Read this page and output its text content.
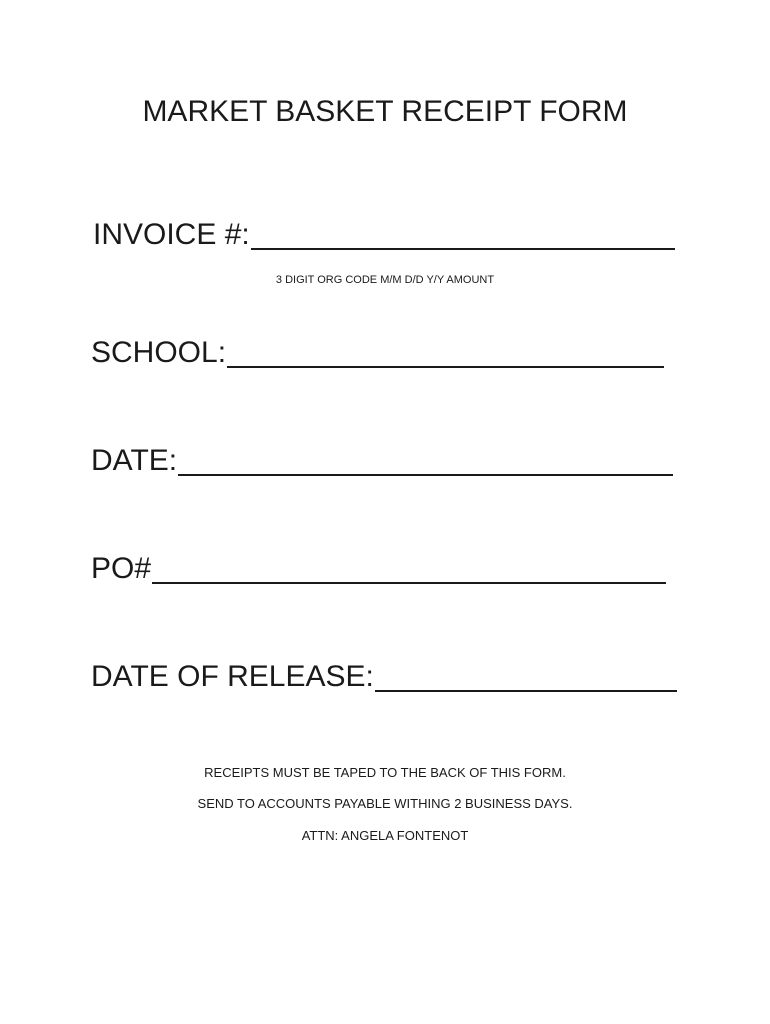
MARKET BASKET RECEIPT FORM
INVOICE #:
3 DIGIT ORG CODE M/M D/D Y/Y AMOUNT
SCHOOL:
DATE:
PO#
DATE OF RELEASE:
RECEIPTS MUST BE TAPED TO THE BACK OF THIS FORM.
SEND TO ACCOUNTS PAYABLE WITHING 2 BUSINESS DAYS.
ATTN: ANGELA FONTENOT
